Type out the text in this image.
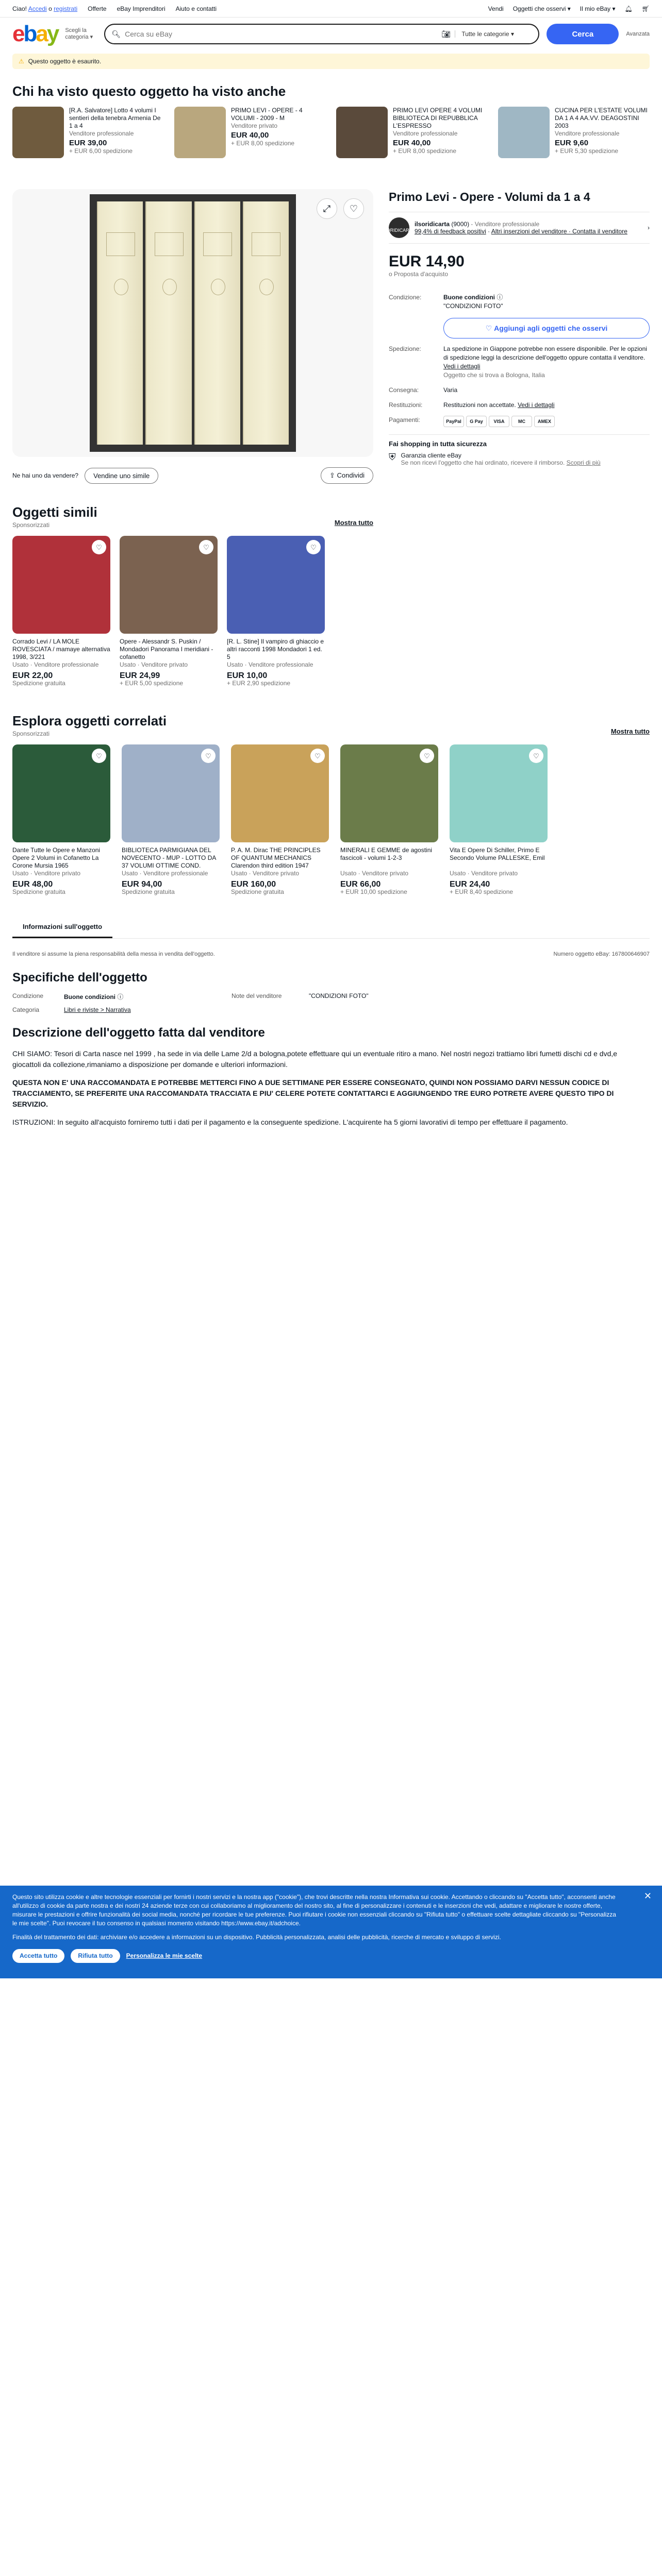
Ciao! Accedi o registrati Offerte eBay Imprenditori Aiuto e contatti	Vendi Oggetti che osservi ▾ Il mio eBay ▾ 🔔︎ 🛒︎
ebay Scegli la categoria ▾	🔍︎
Cerca su eBay	📷︎	Tutte le categorie ▾	Cerca	Avanzata
⚠ Questo oggetto è esaurito.
Chi ha visto questo oggetto ha visto anche
[R.A. Salvatore] Lotto 4 volumi I sentieri della tenebra Armenia De 1 a 4
Venditore professionale
EUR 39,00
+ EUR 6,00 spedizione
PRIMO LEVI - OPERE - 4 VOLUMI - 2009 - M
Venditore privato
EUR 40,00
+ EUR 8,00 spedizione
PRIMO LEVI OPERE 4 VOLUMI BIBLIOTECA DI REPUBBLICA L'ESPRESSO
Venditore professionale
EUR 40,00
+ EUR 8,00 spedizione
CUCINA PER L'ESTATE VOLUMI DA 1 A 4 AA.VV. DEAGOSTINI 2003
Venditore professionale
EUR 9,60
+ EUR 5,30 spedizione
⤢	♡
Ne hai uno da vendere?	Vendine uno simile	⇪ Condividi
Primo Levi - Opere - Volumi da 1 a 4
IL SORIDICARTA
ilsoridicarta (9000) · Venditore professionale
99,4% di feedback positivi · Altri inserzioni del venditore · Contatta il venditore	›
EUR 14,90
o Proposta d'acquisto
Condizione:	Buone condizioni ⓘ
"CONDIZIONI FOTO"
♡
Aggiungi agli oggetti che osservi
Spedizione:	La spedizione in Giappone potrebbe non essere disponibile. Per le opzioni di spedizione leggi la descrizione dell'oggetto oppure contatta il venditore. Vedi i dettagli
Oggetto che si trova a Bologna, Italia
Consegna:	Varia
Restituzioni:	Restituzioni non accettate. Vedi i dettagli
Pagamenti:	PayPal G Pay VISA	MC	AMEX
Fai shopping in tutta sicurezza
⛨ Garanzia cliente eBay
Se non ricevi l'oggetto che hai ordinato, ricevere il rimborso. Scopri di più
Oggetti simili
Sponsorizzati	Mostra tutto
♡
Corrado Levi / LA MOLE ROVESCIATA / mamaye alternativa 1998, 3/221
Usato · Venditore professionale
EUR 22,00
Spedizione gratuita
♡
Opere - Alessandr S. Puskin / Mondadori Panorama I meridiani - cofanetto
Usato · Venditore privato
EUR 24,99
+ EUR 5,00 spedizione
♡
[R. L. Stine] Il vampiro di ghiaccio e altri racconti 1998 Mondadori 1 ed. 5
Usato · Venditore professionale
EUR 10,00
+ EUR 2,90 spedizione
Esplora oggetti correlati
Sponsorizzati	Mostra tutto
♡
Dante Tutte le Opere e Manzoni Opere 2 Volumi in Cofanetto La Corone Mursia 1965
Usato · Venditore privato
EUR 48,00
Spedizione gratuita
♡
BIBLIOTECA PARMIGIANA DEL NOVECENTO - MUP - LOTTO DA 37 VOLUMI OTTIME COND.
Usato · Venditore professionale
EUR 94,00
Spedizione gratuita
♡
P. A. M. Dirac THE PRINCIPLES OF QUANTUM MECHANICS Clarendon third edition 1947
Usato · Venditore privato
EUR 160,00
Spedizione gratuita
♡
MINERALI E GEMME de agostini fascicoli - volumi 1-2-3
Usato · Venditore privato
EUR 66,00
+ EUR 10,00 spedizione
♡
Vita E Opere Di Schiller, Primo E Secondo Volume PALLESKE, Emil
Usato · Venditore privato
EUR 24,40
+ EUR 8,40 spedizione
Informazioni sull'oggetto
Il venditore si assume la piena responsabilità della messa in vendita dell'oggetto.	Numero oggetto eBay: 167800646907
Specifiche dell'oggetto
Condizione	Buone condizioni ⓘ	Note del venditore	"CONDIZIONI FOTO"
Categoria	Libri e riviste > Narrativa
Descrizione dell'oggetto fatta dal venditore

CHI SIAMO: Tesori di Carta nasce nel 1999 , ha sede in via delle Lame 2/d a bologna,potete effettuare qui un eventuale ritiro a mano. Nel nostri negozi trattiamo libri fumetti dischi cd e dvd,e giocattoli da collezione,rimaniamo a disposizione per domande e ulteriori informazioni.

QUESTA NON E' UNA RACCOMANDATA E POTREBBE METTERCI FINO A DUE SETTIMANE PER ESSERE CONSEGNATO, QUINDI NON POSSIAMO DARVI NESSUN CODICE DI TRACCIAMENTO, SE PREFERITE UNA RACCOMANDATA TRACCIATA E PIU' CELERE POTETE CONTATTARCI E AGGIUNGENDO TRE EURO POTRETE AVERE QUESTO TIPO DI SERVIZIO.

ISTRUZIONI: In seguito all'acquisto forniremo tutti i dati per il pagamento e la conseguente spedizione. L'acquirente ha 5 giorni lavorativi di tempo per effettuare il pagamento.

✕
Questo sito utilizza cookie e altre tecnologie essenziali per fornirti i nostri servizi e la nostra app ("cookie"), che trovi descritte nella nostra Informativa sui cookie. Accettando o cliccando su "Accetta tutto", acconsenti anche all'utilizzo di cookie da parte nostra e dei nostri 24 aziende terze con cui collaboriamo al miglioramento del nostro sito, al fine di personalizzare i contenuti e le inserzioni che vedi, adattare e migliorare le nostre offerte, misurare le prestazioni e offrire funzionalità dei social media, nonché per ricordare le tue preferenze. Puoi rifiutare i cookie non essenziali cliccando su "Rifiuta tutto" o effettuare scelte dettagliate cliccando su "Personalizza le mie scelte". Puoi revocare il tuo consenso in qualsiasi momento visitando https://www.ebay.it/adchoice.
Finalità del trattamento dei dati: archiviare e/o accedere a informazioni su un dispositivo. Pubblicità personalizzata, analisi delle pubblicità, ricerche di mercato e sviluppo di servizi.
Accetta tutto	Rifiuta tutto	Personalizza le mie scelte
